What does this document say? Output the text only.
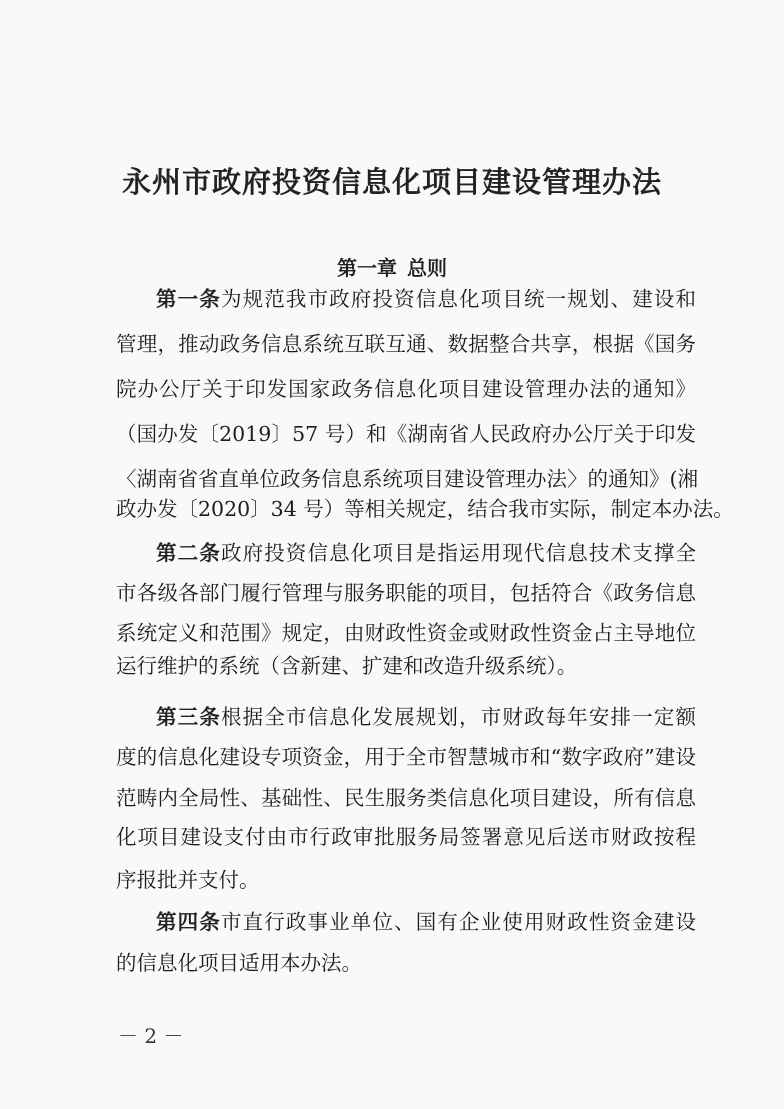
永州市政府投资信息化项目建设管理办法
第一章 总则
第一条为规范我市政府投资信息化项目统一规划、建设和
管理，推动政务信息系统互联互通、数据整合共享，根据《国务
院办公厅关于印发国家政务信息化项目建设管理办法的通知》
（国办发〔2019〕57 号）和《湖南省人民政府办公厅关于印发
〈湖南省省直单位政务信息系统项目建设管理办法〉的通知》(湘
政办发〔2020〕34 号）等相关规定，结合我市实际，制定本办法。
第二条政府投资信息化项目是指运用现代信息技术支撑全
市各级各部门履行管理与服务职能的项目，包括符合《政务信息
系统定义和范围》规定，由财政性资金或财政性资金占主导地位
运行维护的系统（含新建、扩建和改造升级系统）。
第三条根据全市信息化发展规划，市财政每年安排一定额
度的信息化建设专项资金，用于全市智慧城市和“数字政府”建设
范畴内全局性、基础性、民生服务类信息化项目建设，所有信息
化项目建设支付由市行政审批服务局签署意见后送市财政按程
序报批并支付。
第四条市直行政事业单位、国有企业使用财政性资金建设
的信息化项目适用本办法。
－ 2 －
